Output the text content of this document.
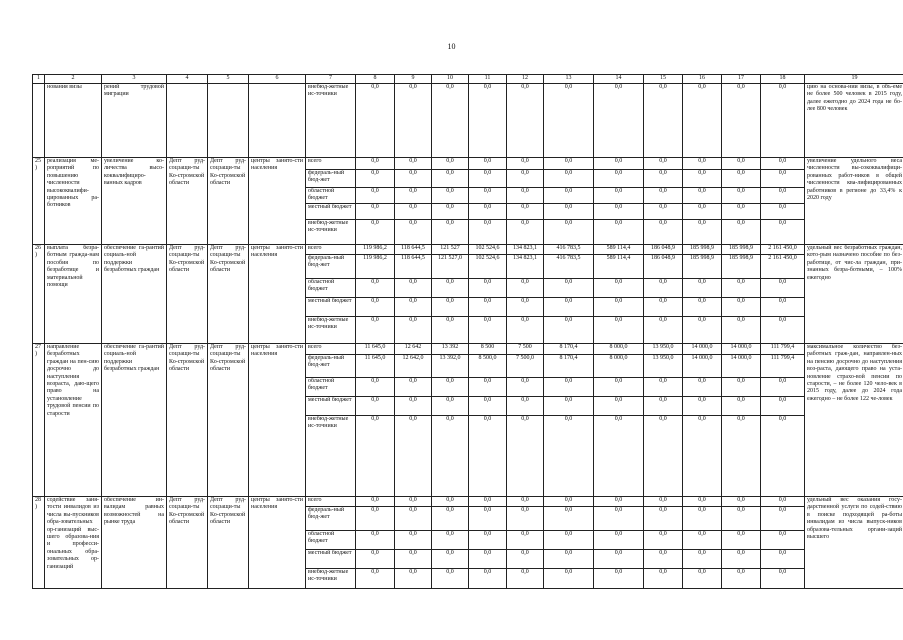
10
1	2	3	4	5	6	7	8	9	10	11	12	13	14	15	16	17	18	19
	нования визы	рений трудовой миграции				внебюд-жетные ис-точники	0,0	0,0	0,0	0,0	0,0	0,0	0,0	0,0	0,0	0,0	0,0	цию на основа-нии визы, в объ-еме не более 500 человек в 2015 году, далее ежегодно до 2024 года не бо-лее 800 человек
25)	реализация ме-роприятий по повышению численности высококвалифи-цированных ра-ботников	увеличение ко-личества высо-коквалифициро-ванных кадров	Депт руд-соцзащи-ты Ко-стромской области	Депт руд-соцзащи-ты Ко-стромской области	центры занято-сти населения	всего	0,0	0,0	0,0	0,0	0,0	0,0	0,0	0,0	0,0	0,0	0,0	увеличение удельного веса численности вы-сококвалифици-рованных работ-ников в общей численности ква-лифицированных работников в регионе до 33,4% к 2020 году
						федераль-ный бюд-жет	0,0	0,0	0,0	0,0	0,0	0,0	0,0	0,0	0,0	0,0	0,0	
						областной бюджет	0,0	0,0	0,0	0,0	0,0	0,0	0,0	0,0	0,0	0,0	0,0	
						местный бюджет	0,0	0,0	0,0	0,0	0,0	0,0	0,0	0,0	0,0	0,0	0,0	
						внебюд-жетные ис-точники	0,0	0,0	0,0	0,0	0,0	0,0	0,0	0,0	0,0	0,0	0,0	
26)	выплата безра-ботным гражда-нам пособия по безработице и материальной помощи	обеспечение га-рантий социаль-ной поддержки безработных граждан	Депт руд-соцзащи-ты Ко-стромской области	Депт руд-соцзащи-ты Ко-стромской области	центры занято-сти населения	всего	119 986,2	118 644,5	121 527	102 524,6	134 823,1	416 783,5	589 114,4	186 048,9	185 998,9	185 998,9	2 161 450,0	удельный вес безработных граждан, кото-рым назначено пособие по без-работице, от чис-ла граждан, при-знанных безра-ботными, – 100% ежегодно
						федераль-ный бюд-жет	119 986,2	118 644,5	121 527,0	102 524,6	134 823,1	416 783,5	589 114,4	186 048,9	185 998,9	185 998,9	2 161 450,0	
						областной бюджет	0,0	0,0	0,0	0,0	0,0	0,0	0,0	0,0	0,0	0,0	0,0	
						местный бюджет	0,0	0,0	0,0	0,0	0,0	0,0	0,0	0,0	0,0	0,0	0,0	
						внебюд-жетные ис-точники	0,0	0,0	0,0	0,0	0,0	0,0	0,0	0,0	0,0	0,0	0,0	
27)	направление безработных граждан на пен-сию досрочно до наступления возраста, даю-щего право на установление трудовой пенсии по старости	обеспечение га-рантий социаль-ной поддержки безработных граждан	Депт руд-соцзащи-ты Ко-стромской области	Депт руд-соцзащи-ты Ко-стромской области	центры занято-сти населения	всего	11 645,0	12 642	13 392	8 500	7 500	8 170,4	8 000,0	13 950,0	14 000,0	14 000,0	111 799,4	максимальное количество без-работных граж-дан, направлен-ных на пенсию досрочно до наступления воз-раста, дающего право на уста-новление страхо-вой пенсии по старости, – не более 120 чело-век в 2015 году, далее до 2024 года ежегодно – не более 122 че-ловек
						федераль-ный бюд-жет	11 645,0	12 642,0	13 392,0	8 500,0	7 500,0	8 170,4	8 000,0	13 950,0	14 000,0	14 000,0	111 799,4	
						областной бюджет	0,0	0,0	0,0	0,0	0,0	0,0	0,0	0,0	0,0	0,0	0,0	
						местный бюджет	0,0	0,0	0,0	0,0	0,0	0,0	0,0	0,0	0,0	0,0	0,0	
						внебюд-жетные ис-точники	0,0	0,0	0,0	0,0	0,0	0,0	0,0	0,0	0,0	0,0	0,0	
28)	содействие заня-тости инвалидов из числа вы-пускников обра-зовательных ор-ганизаций выс-шего образова-ния и професси-ональных обра-зовательных ор-ганизаций	обеспечение ин-валидам равных возможностей на рынке труда	Депт руд-соцзащи-ты Ко-стромской области	Депт руд-соцзащи-ты Ко-стромской области	центры занято-сти населения	всего	0,0	0,0	0,0	0,0	0,0	0,0	0,0	0,0	0,0	0,0	0,0	удельный вес оказания госу-дарственной услуги по содей-ствию в поиске подходящей ра-боты инвалидам из числа выпуск-ников образова-тельных органи-заций высшего
						федераль-ный бюд-жет	0,0	0,0	0,0	0,0	0,0	0,0	0,0	0,0	0,0	0,0	0,0	
						областной бюджет	0,0	0,0	0,0	0,0	0,0	0,0	0,0	0,0	0,0	0,0	0,0	
						местный бюджет	0,0	0,0	0,0	0,0	0,0	0,0	0,0	0,0	0,0	0,0	0,0	
						внебюд-жетные ис-точники	0,0	0,0	0,0	0,0	0,0	0,0	0,0	0,0	0,0	0,0	0,0	
